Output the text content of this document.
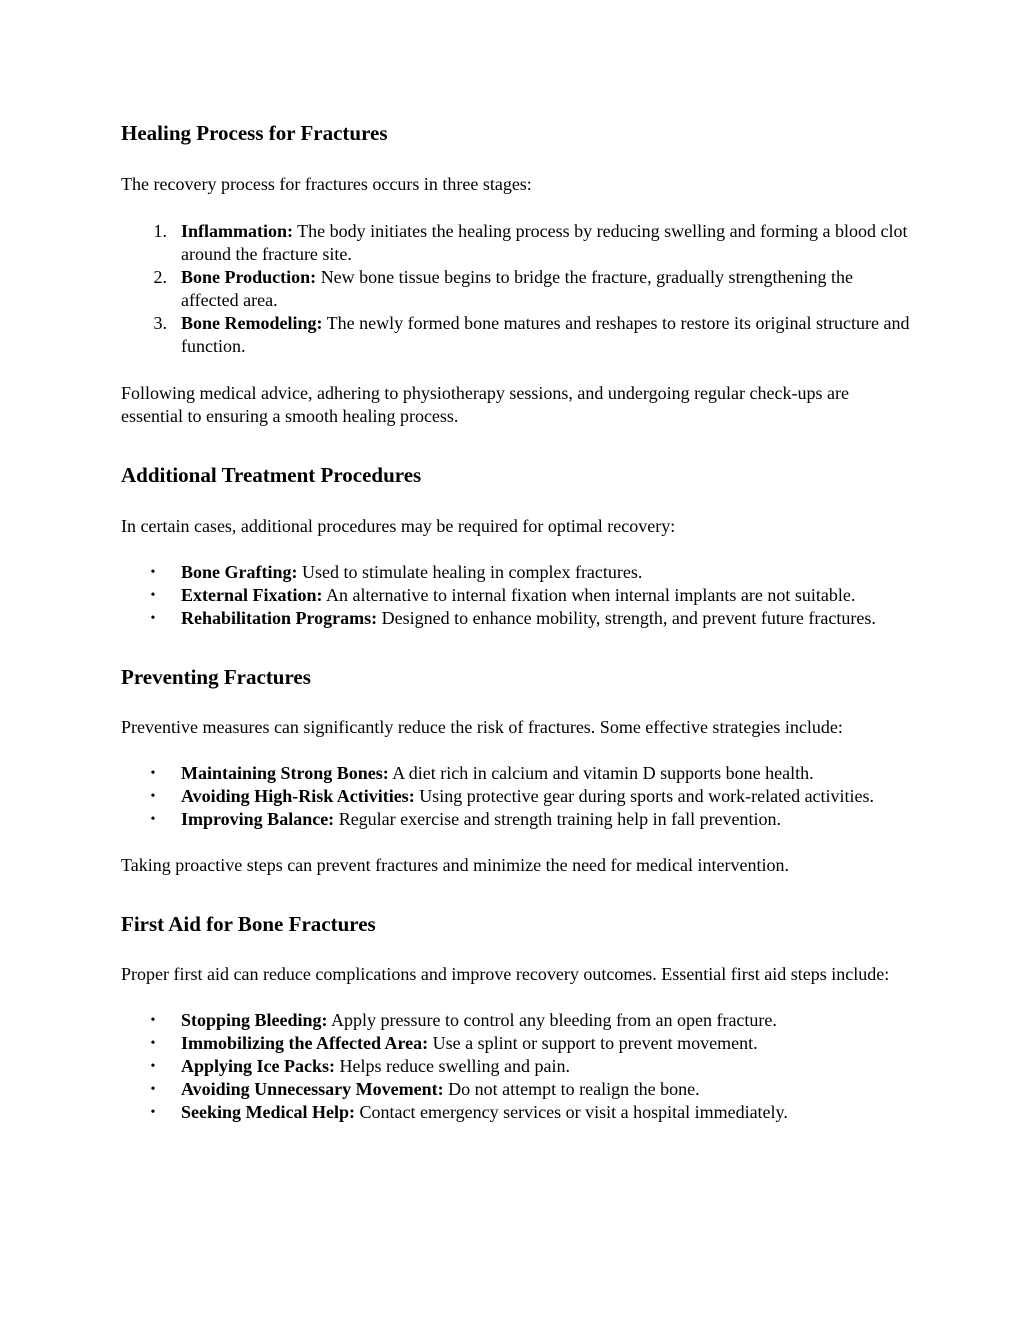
Healing Process for Fractures

The recovery process for fractures occurs in three stages:

1. Inflammation: The body initiates the healing process by reducing swelling and forming a blood clot around the fracture site.
2. Bone Production: New bone tissue begins to bridge the fracture, gradually strengthening the affected area.
3. Bone Remodeling: The newly formed bone matures and reshapes to restore its original structure and function.

Following medical advice, adhering to physiotherapy sessions, and undergoing regular check-ups are essential to ensuring a smooth healing process.

Additional Treatment Procedures

In certain cases, additional procedures may be required for optimal recovery:

• Bone Grafting: Used to stimulate healing in complex fractures.
• External Fixation: An alternative to internal fixation when internal implants are not suitable.
• Rehabilitation Programs: Designed to enhance mobility, strength, and prevent future fractures.
Preventing Fractures

Preventive measures can significantly reduce the risk of fractures. Some effective strategies include:

• Maintaining Strong Bones: A diet rich in calcium and vitamin D supports bone health.
• Avoiding High-Risk Activities: Using protective gear during sports and work-related activities.
• Improving Balance: Regular exercise and strength training help in fall prevention.

Taking proactive steps can prevent fractures and minimize the need for medical intervention.

First Aid for Bone Fractures

Proper first aid can reduce complications and improve recovery outcomes. Essential first aid steps include:

• Stopping Bleeding: Apply pressure to control any bleeding from an open fracture.
• Immobilizing the Affected Area: Use a splint or support to prevent movement.
• Applying Ice Packs: Helps reduce swelling and pain.
• Avoiding Unnecessary Movement: Do not attempt to realign the bone.
• Seeking Medical Help: Contact emergency services or visit a hospital immediately.
